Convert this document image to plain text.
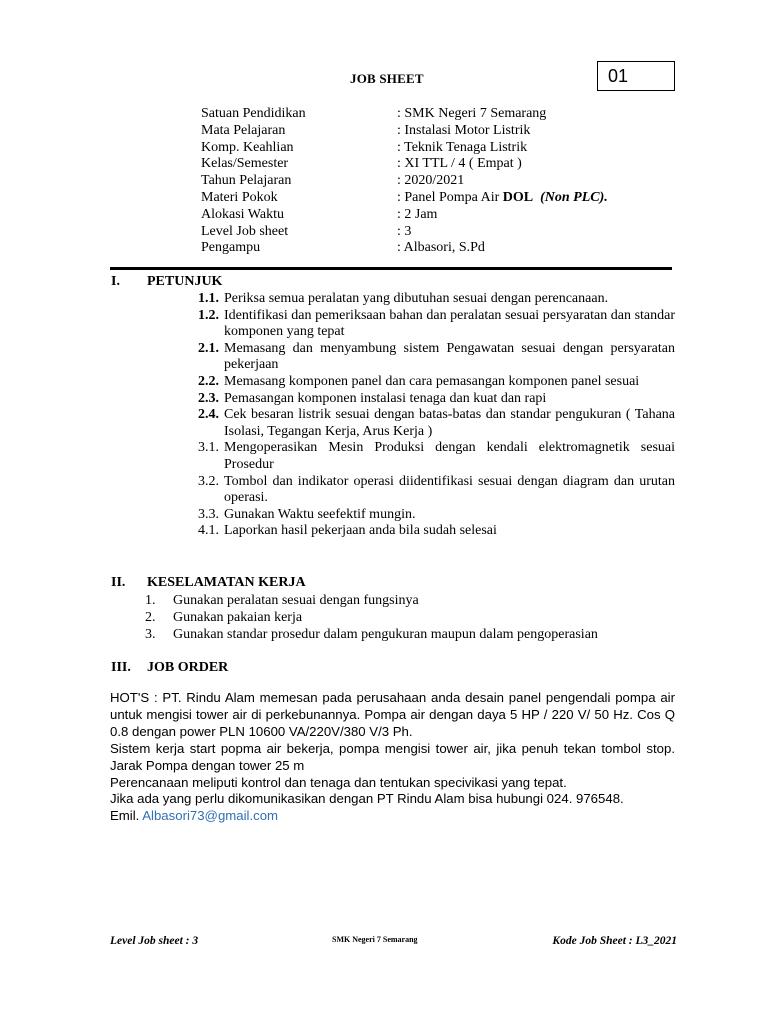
JOB SHEET	01
Satuan Pendidikan	: SMK Negeri 7 Semarang
Mata Pelajaran	: Instalasi Motor Listrik
Komp. Keahlian	: Teknik Tenaga Listrik
Kelas/Semester	: XI TTL / 4 ( Empat )
Tahun Pelajaran	: 2020/2021
Materi Pokok	: Panel Pompa Air DOL (Non PLC).
Alokasi Waktu	: 2 Jam
Level Job sheet	: 3
Pengampu	: Albasori, S.Pd
I.	PETUNJUK
1.1. Periksa semua peralatan yang dibutuhan sesuai dengan perencanaan.
1.2. Identifikasi dan pemeriksaan bahan dan peralatan sesuai persyaratan dan standar komponen yang tepat
2.1. Memasang dan menyambung sistem Pengawatan sesuai dengan persyaratan pekerjaan
2.2. Memasang komponen panel dan cara pemasangan komponen panel sesuai
2.3. Pemasangan komponen instalasi tenaga dan kuat dan rapi
2.4. Cek besaran listrik sesuai dengan batas-batas dan standar pengukuran ( Tahana Isolasi, Tegangan Kerja, Arus Kerja )
3.1. Mengoperasikan Mesin Produksi dengan kendali elektromagnetik sesuai Prosedur
3.2. Tombol dan indikator operasi diidentifikasi sesuai dengan diagram dan urutan operasi.
3.3. Gunakan Waktu seefektif mungin.
4.1. Laporkan hasil pekerjaan anda bila sudah selesai
II.	KESELAMATAN KERJA
1.	Gunakan peralatan sesuai dengan fungsinya
2.	Gunakan pakaian kerja
3.	Gunakan standar prosedur dalam pengukuran maupun dalam pengoperasian
III.	JOB ORDER

HOT'S : PT. Rindu Alam memesan pada perusahaan anda desain panel pengendali pompa air untuk mengisi tower air di perkebunannya. Pompa air dengan daya 5 HP / 220 V/ 50 Hz. Cos Q 0.8 dengan power PLN 10600 VA/220V/380 V/3 Ph.

Sistem kerja start popma air bekerja, pompa mengisi tower air, jika penuh tekan tombol stop. Jarak Pompa dengan tower 25 m

Perencanaan meliputi kontrol dan tenaga dan tentukan specivikasi yang tepat.

Jika ada yang perlu dikomunikasikan dengan PT Rindu Alam bisa hubungi 024. 976548.

Emil. Albasori73@gmail.com

Level Job sheet : 3	SMK Negeri 7 Semarang	Kode Job Sheet : L3_2021
